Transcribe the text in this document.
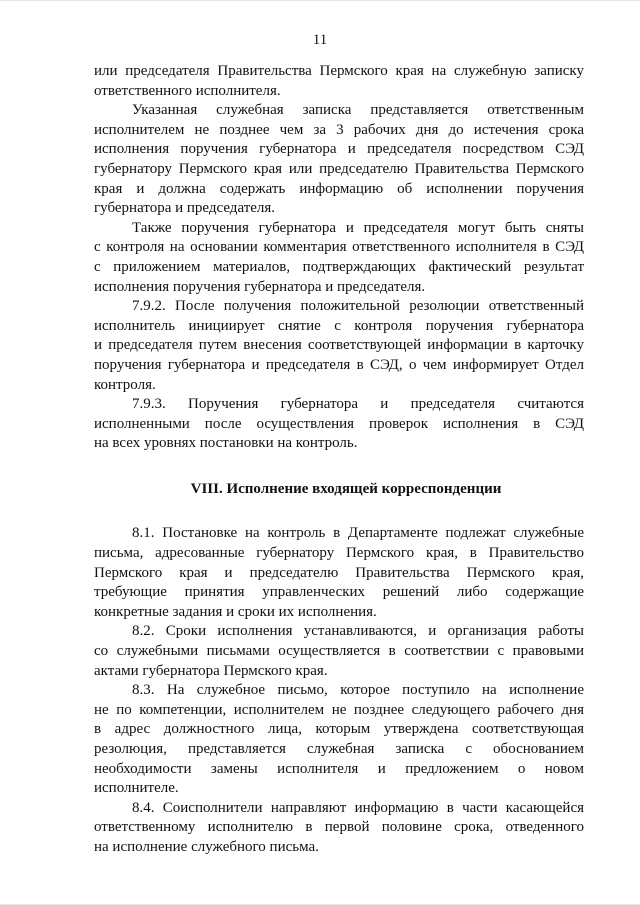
11
или председателя Правительства Пермского края на служебную записку
ответственного исполнителя.
Указанная служебная записка представляется ответственным
исполнителем не позднее чем за 3 рабочих дня до истечения срока
исполнения поручения губернатора и председателя посредством СЭД
губернатору Пермского края или председателю Правительства Пермского
края и должна содержать информацию об исполнении поручения
губернатора и председателя.
Также поручения губернатора и председателя могут быть сняты
с контроля на основании комментария ответственного исполнителя в СЭД
с приложением материалов, подтверждающих фактический результат
исполнения поручения губернатора и председателя.
7.9.2. После получения положительной резолюции ответственный
исполнитель инициирует снятие с контроля поручения губернатора
и председателя путем внесения соответствующей информации в карточку
поручения губернатора и председателя в СЭД, о чем информирует Отдел
контроля.
7.9.3. Поручения губернатора и председателя считаются
исполненными после осуществления проверок исполнения в СЭД
на всех уровнях постановки на контроль.
VIII. Исполнение входящей корреспонденции
8.1. Постановке на контроль в Департаменте подлежат служебные
письма, адресованные губернатору Пермского края, в Правительство
Пермского края и председателю Правительства Пермского края,
требующие принятия управленческих решений либо содержащие
конкретные задания и сроки их исполнения.
8.2. Сроки исполнения устанавливаются, и организация работы
со служебными письмами осуществляется в соответствии с правовыми
актами губернатора Пермского края.
8.3. На служебное письмо, которое поступило на исполнение
не по компетенции, исполнителем не позднее следующего рабочего дня
в адрес должностного лица, которым утверждена соответствующая
резолюция, представляется служебная записка с обоснованием
необходимости замены исполнителя и предложением о новом
исполнителе.
8.4. Соисполнители направляют информацию в части касающейся
ответственному исполнителю в первой половине срока, отведенного
на исполнение служебного письма.
